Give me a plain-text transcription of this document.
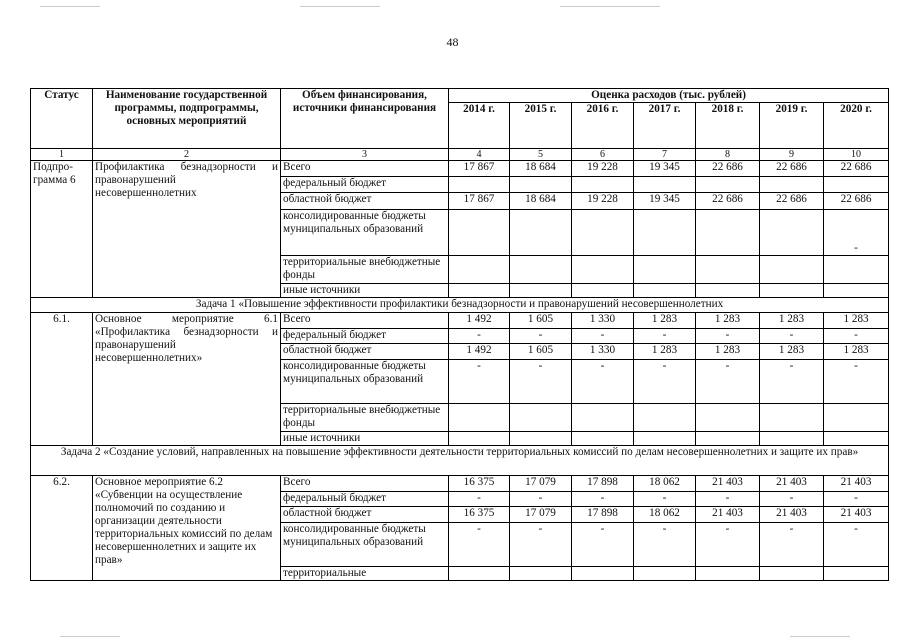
48
Статус	Наименование государственной программы, подпрограммы, основных мероприятий	Объем финансирования, источники финансирования	Оценка расходов (тыс. рублей)						
			2014 г.	2015 г.	2016 г.	2017 г.	2018 г.	2019 г.	2020 г.
1	2	3	4	5	6	7	8	9	10
Подпро-грамма 6	Профилактика безнадзорности и правонарушений несовершеннолетних	Всего	17 867	18 684	19 228	19 345	22 686	22 686	22 686
		федеральный бюджет							
		областной бюджет	17 867	18 684	19 228	19 345	22 686	22 686	22 686
		консолидированные бюджеты муниципальных образований							-
		территориальные внебюджетные фонды							
		иные источники							
Задача 1 «Повышение эффективности профилактики безнадзорности и правонарушений несовершеннолетних									
6.1.	Основное мероприятие 6.1 «Профилактика безнадзорности и правонарушений несовершеннолетних»	Всего	1 492	1 605	1 330	1 283	1 283	1 283	1 283
		федеральный бюджет	-	-	-	-	-	-	-
		областной бюджет	1 492	1 605	1 330	1 283	1 283	1 283	1 283
		консолидированные бюджеты муниципальных образований	-	-	-	-	-	-	-
		территориальные внебюджетные фонды							
		иные источники							
Задача 2 «Создание условий, направленных на повышение эффективности деятельности территориальных комиссий по делам несовершеннолетних и защите их прав»									
6.2.	Основное мероприятие 6.2 «Субвенции на осуществление полномочий по созданию и организации деятельности территориальных комиссий по делам несовершеннолетних и защите их прав»	Всего	16 375	17 079	17 898	18 062	21 403	21 403	21 403
		федеральный бюджет	-	-	-	-	-	-	-
		областной бюджет	16 375	17 079	17 898	18 062	21 403	21 403	21 403
		консолидированные бюджеты муниципальных образований	-	-	-	-	-	-	-
		территориальные							
